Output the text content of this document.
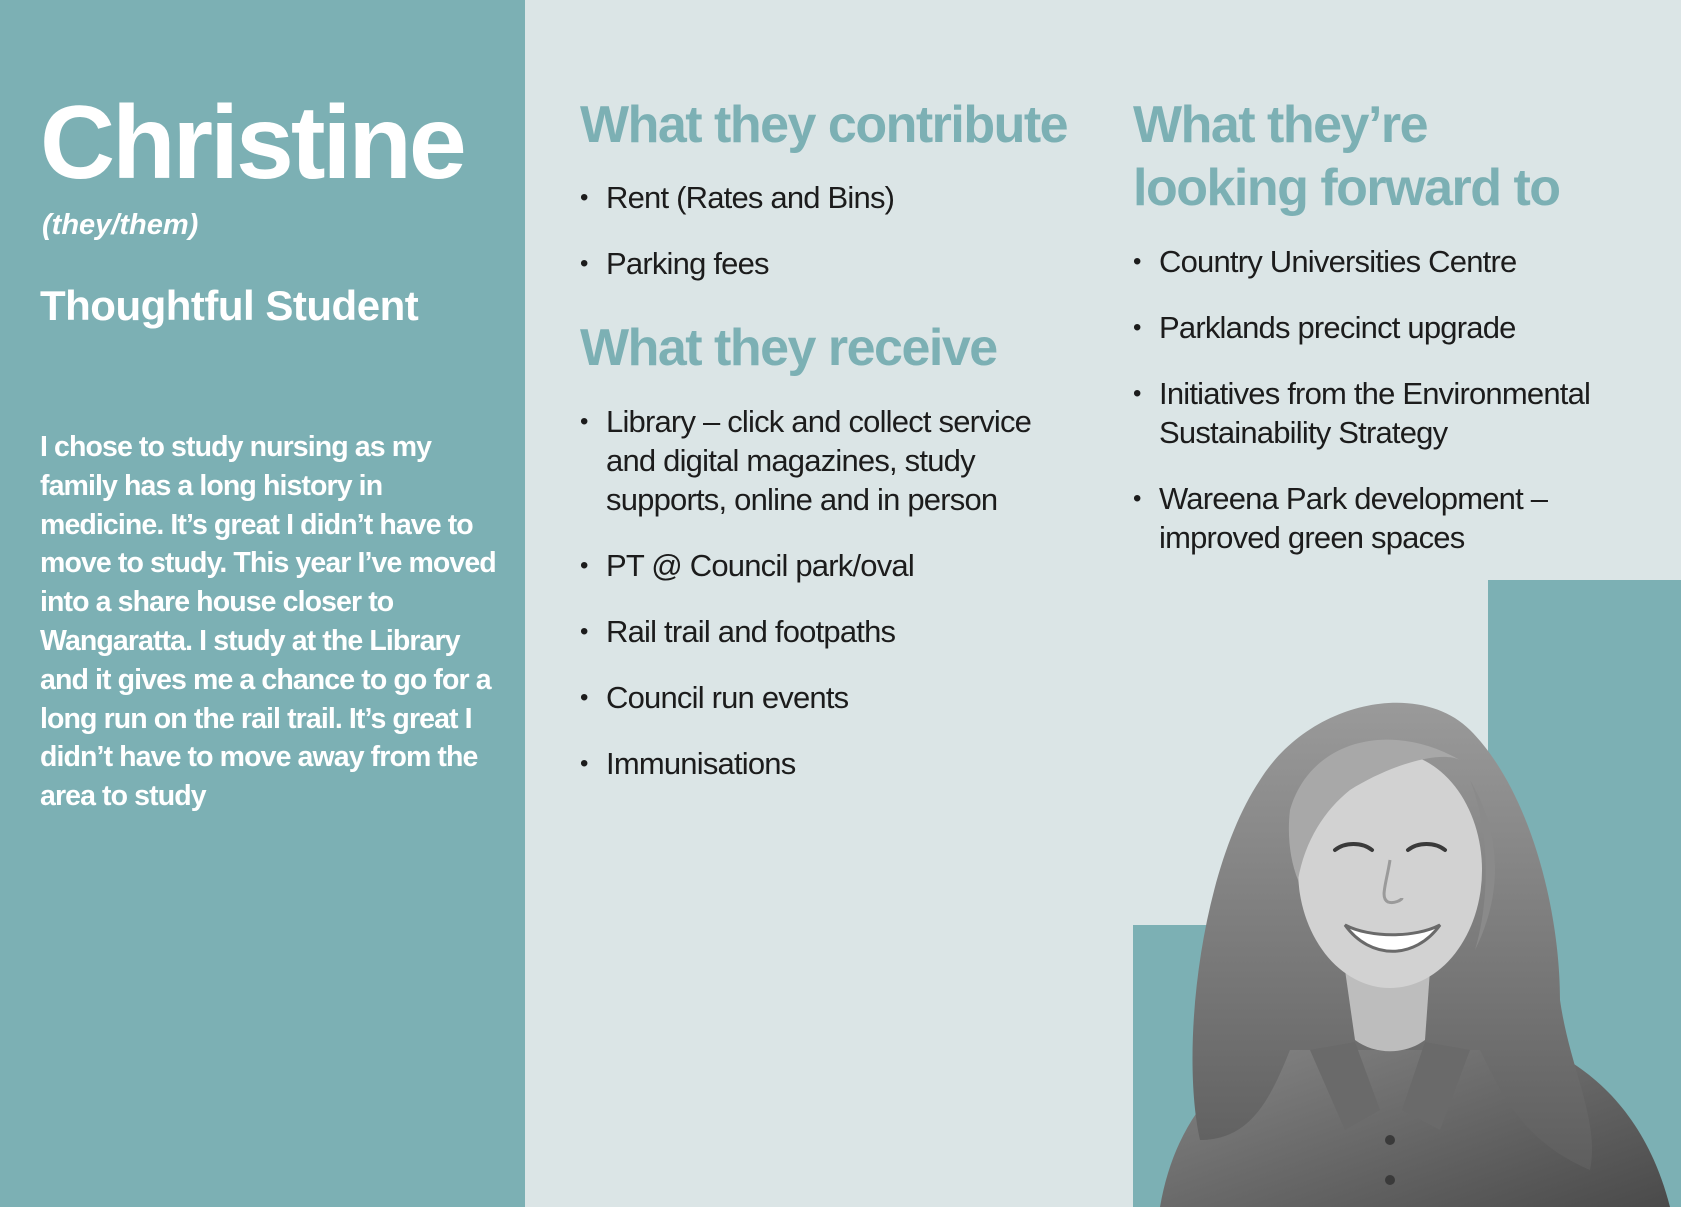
Christine
(they/them)
Thoughtful Student

I chose to study nursing as my family has a long history in medicine. It’s great I didn’t have to move to study. This year I’ve moved into a share house closer to Wangaratta. I study at the Library and it gives me a chance to go for a long run on the rail trail. It’s great I didn’t have to move away from the area to study

What they contribute
• Rent (Rates and Bins)
• Parking fees
What they receive
• Library – click and collect service and digital magazines, study supports, online and in person
• PT @ Council park/oval
• Rail trail and footpaths
• Council run events
• Immunisations
What they’re looking forward to
• Country Universities Centre
• Parklands precinct upgrade
• Initiatives from the Environmental Sustainability Strategy
• Wareena Park development – improved green spaces
